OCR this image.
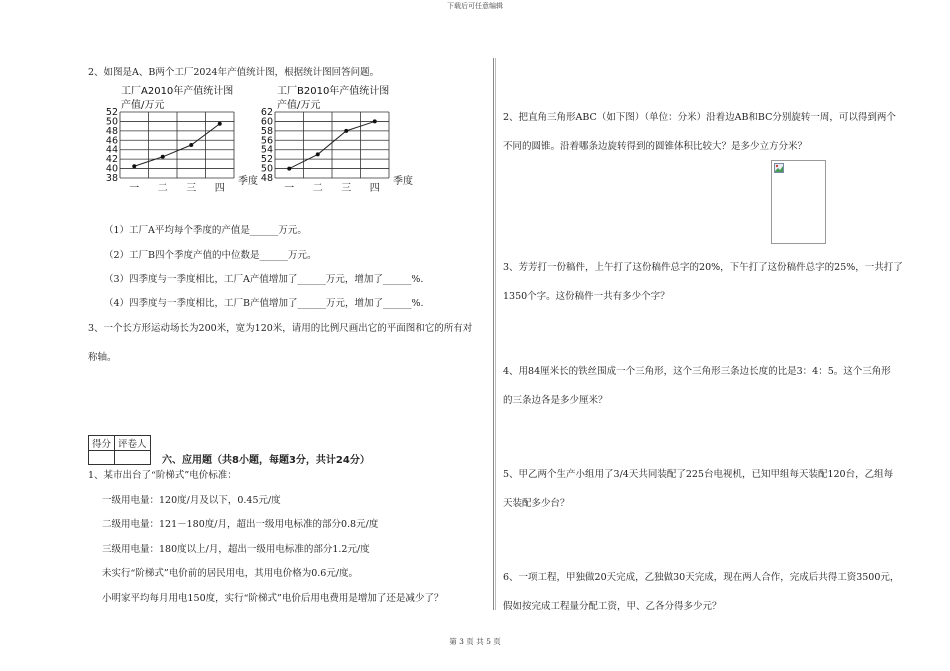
下载后可任意编辑
2、如图是A、B两个工厂2024年产值统计图，根据统计图回答问题。
工厂A2010年产值统计图
产值/万元
38
40
42
44
46
48
50
52
一 二 三 四
季度
工厂B2010年产值统计图
产值/万元
48
50
52
54
56
58
60
62
一 二 三 四
季度
（1）工厂A平均每个季度的产值是______万元。
（2）工厂B四个季度产值的中位数是______万元。
（3）四季度与一季度相比，工厂A产值增加了______万元，增加了______%.
（4）四季度与一季度相比，工厂B产值增加了______万元，增加了______%.
3、一个长方形运动场长为200米，宽为120米，请用的比例尺画出它的平面图和它的所有对
称轴。
得分	评卷人

六、应用题（共8小题，每题3分，共计24分）
1、某市出台了“阶梯式”电价标准：
一级用电量：120度/月及以下，0.45元/度
二级用电量：121－180度/月，超出一级用电标准的部分0.8元/度
三级用电量：180度以上/月，超出一级用电标准的部分1.2元/度
未实行“阶梯式”电价前的居民用电，其用电价格为0.6元/度。
小明家平均每月用电150度，实行“阶梯式”电价后用电费用是增加了还是减少了？
2、把直角三角形ABC（如下图）（单位：分米）沿着边AB和BC分别旋转一周，可以得到两个
不同的圆锥。沿着哪条边旋转得到的圆锥体积比较大？是多少立方分米？
3、芳芳打一份稿件，上午打了这份稿件总字的20%，下午打了这份稿件总字的25%，一共打了
1350个字。这份稿件一共有多少个字？
4、用84厘米长的铁丝围成一个三角形，这个三角形三条边长度的比是3：4：5。这个三角形
的三条边各是多少厘米？
5、甲乙两个生产小组用了3/4天共同装配了225台电视机，已知甲组每天装配120台，乙组每
天装配多少台？
6、一项工程，甲独做20天完成，乙独做30天完成，现在两人合作，完成后共得工资3500元，
假如按完成工程量分配工资，甲、乙各分得多少元？
第 3 页 共 5 页
